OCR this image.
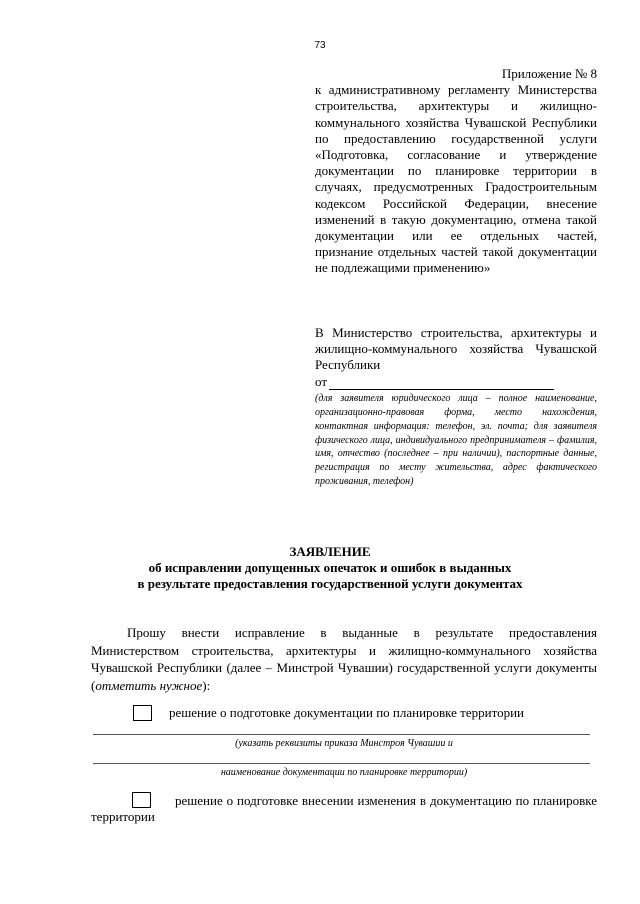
73
Приложение № 8
к административному регламенту Министерства строительства, архитектуры и жилищно-коммунального хозяйства Чувашской Республики по предоставлению государственной услуги «Подготовка, согласование и утверждение документации по планировке территории в случаях, предусмотренных Градостроительным кодексом Российской Федерации, внесение изменений в такую документацию, отмена такой документации или ее отдельных частей, признание отдельных частей такой документации не подлежащими применению»
В Министерство строительства, архитектуры и жилищно-коммунального хозяйства Чувашской Республики
от
(для заявителя юридического лица – полное наименование, организационно-правовая форма, место нахождения, контактная информация: телефон, эл. почта; для заявителя физического лица, индивидуального предпринимателя – фамилия, имя, отчество (последнее – при наличии), паспортные данные, регистрация по месту жительства, адрес фактического проживания, телефон)
ЗАЯВЛЕНИЕ
об исправлении допущенных опечаток и ошибок в выданных
в результате предоставления государственной услуги документах
Прошу внести исправление в выданные в результате предоставления Министерством строительства, архитектуры и жилищно-коммунального хозяйства Чувашской Республики (далее – Минстрой Чувашии) государственной услуги документы (отметить нужное):
решение о подготовке документации по планировке территории
(указать реквизиты приказа Минстроя Чувашии и
наименование документации по планировке территории)
решение о подготовке внесении изменения в документацию по планировке территории
